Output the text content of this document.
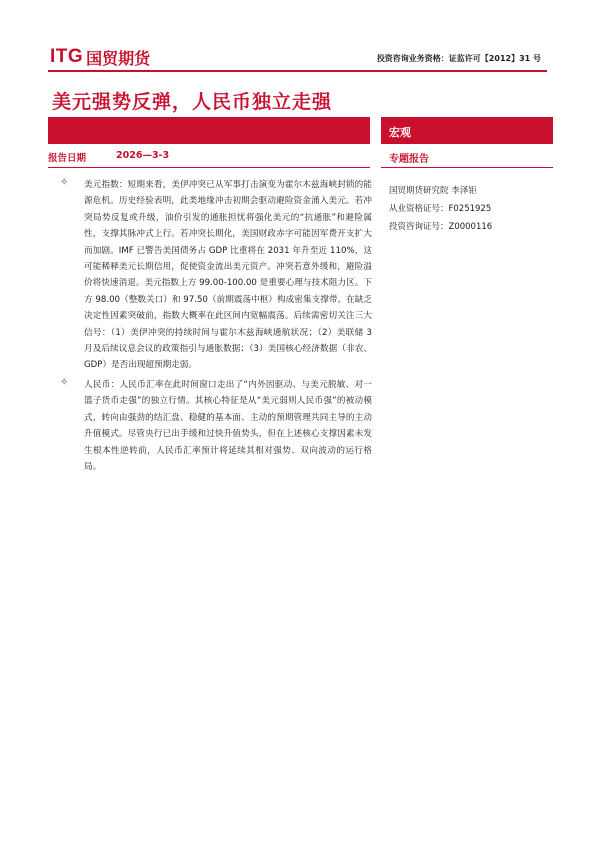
ITG 国贸期货	投资咨询业务资格：证监许可【2012】31 号
美元强势反弹，人民币独立走强
宏观
报告日期	2026—3-3	专题报告
国贸期货研究院 李泽钜
从业资格证号：F0251925
投资咨询证号：Z0000116
✧ 美元指数：短期来看，美伊冲突已从军事打击演变为霍尔木兹海峡封锁的能源危机。历史经验表明，此类地缘冲击初期会驱动避险资金涌入美元。若冲突局势反复或升级，油价引发的通胀担忧将强化美元的“抗通胀”和避险属性，支撑其脉冲式上行。若冲突长期化，美国财政赤字可能因军费开支扩大而加剧。IMF 已警告美国债务占 GDP 比重将在 2031 年升至近 110%，这可能稀释美元长期信用，促使资金流出美元资产。冲突若意外缓和，避险溢价将快速消退。美元指数上方 99.00-100.00 是重要心理与技术阻力区。下方 98.00（整数关口）和 97.50（前期震荡中枢）构成密集支撑带。在缺乏决定性因素突破前，指数大概率在此区间内宽幅震荡。后续需密切关注三大信号：（1）美伊冲突的持续时间与霍尔木兹海峡通航状况；（2）美联储 3 月及后续议息会议的政策指引与通胀数据；（3）美国核心经济数据（非农、GDP）是否出现超预期走弱。
✧ 人民币：人民币汇率在此时间窗口走出了“内外因驱动、与美元脱敏、对一篮子货币走强”的独立行情。其核心特征是从“美元弱则人民币强”的被动模式，转向由强劲的结汇盘、稳健的基本面、主动的预期管理共同主导的主动升值模式。尽管央行已出手缓和过快升值势头，但在上述核心支撑因素未发生根本性逆转前，人民币汇率预计将延续其相对强势、双向波动的运行格局。
